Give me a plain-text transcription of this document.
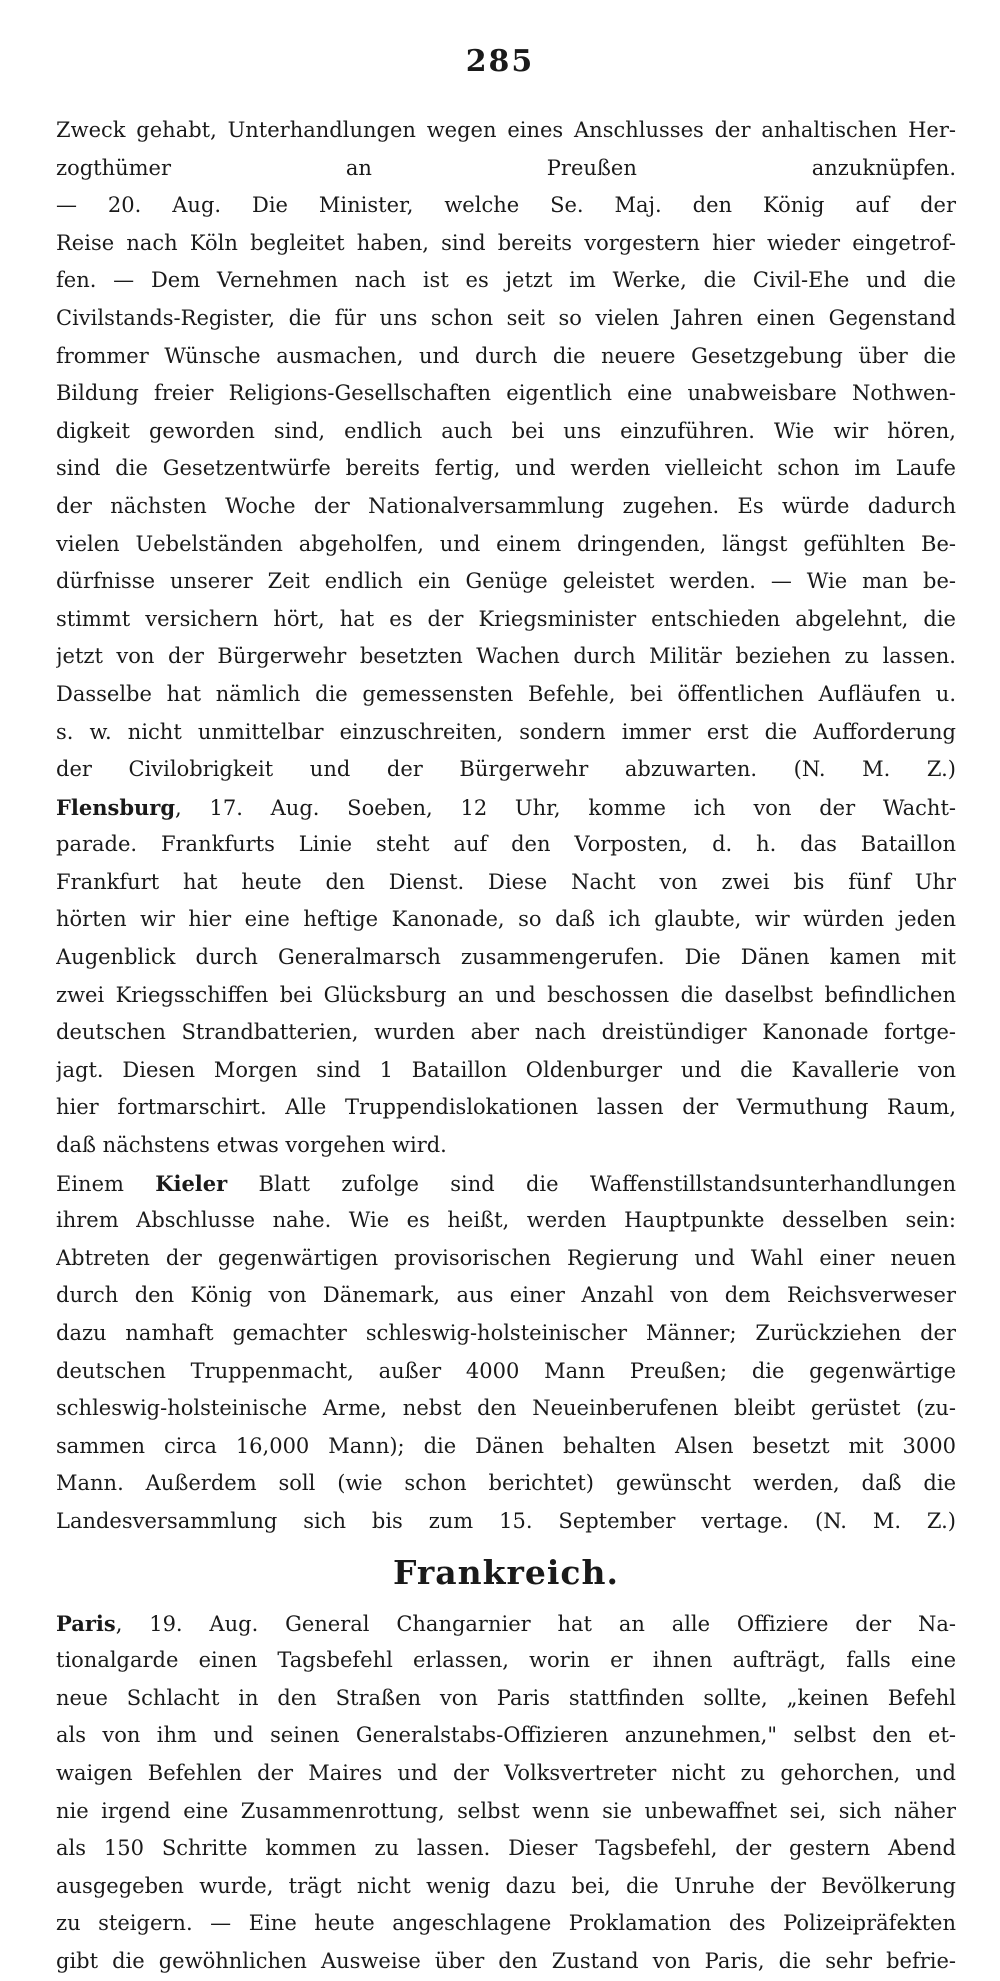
285
Zweck gehabt, Unterhandlungen wegen eines Anschlusses der anhaltischen Her-
zogthümer an Preußen anzuknüpfen.
— 20. Aug. Die Minister, welche Se. Maj. den König auf der
Reise nach Köln begleitet haben, sind bereits vorgestern hier wieder eingetrof-
fen. — Dem Vernehmen nach ist es jetzt im Werke, die Civil-Ehe und die
Civilstands-Register, die für uns schon seit so vielen Jahren einen Gegenstand
frommer Wünsche ausmachen, und durch die neuere Gesetzgebung über die
Bildung freier Religions-Gesellschaften eigentlich eine unabweisbare Nothwen-
digkeit geworden sind, endlich auch bei uns einzuführen. Wie wir hören,
sind die Gesetzentwürfe bereits fertig, und werden vielleicht schon im Laufe
der nächsten Woche der Nationalversammlung zugehen. Es würde dadurch
vielen Uebelständen abgeholfen, und einem dringenden, längst gefühlten Be-
dürfnisse unserer Zeit endlich ein Genüge geleistet werden. — Wie man be-
stimmt versichern hört, hat es der Kriegsminister entschieden abgelehnt, die
jetzt von der Bürgerwehr besetzten Wachen durch Militär beziehen zu lassen.
Dasselbe hat nämlich die gemessensten Befehle, bei öffentlichen Aufläufen u.
s. w. nicht unmittelbar einzuschreiten, sondern immer erst die Aufforderung
der Civilobrigkeit und der Bürgerwehr abzuwarten. (N. M. Z.)
Flensburg, 17. Aug. Soeben, 12 Uhr, komme ich von der Wacht-
parade. Frankfurts Linie steht auf den Vorposten, d. h. das Bataillon
Frankfurt hat heute den Dienst. Diese Nacht von zwei bis fünf Uhr
hörten wir hier eine heftige Kanonade, so daß ich glaubte, wir würden jeden
Augenblick durch Generalmarsch zusammengerufen. Die Dänen kamen mit
zwei Kriegsschiffen bei Glücksburg an und beschossen die daselbst befindlichen
deutschen Strandbatterien, wurden aber nach dreistündiger Kanonade fortge-
jagt. Diesen Morgen sind 1 Bataillon Oldenburger und die Kavallerie von
hier fortmarschirt. Alle Truppendislokationen lassen der Vermuthung Raum,
daß nächstens etwas vorgehen wird.
Einem Kieler Blatt zufolge sind die Waffenstillstandsunterhandlungen
ihrem Abschlusse nahe. Wie es heißt, werden Hauptpunkte desselben sein:
Abtreten der gegenwärtigen provisorischen Regierung und Wahl einer neuen
durch den König von Dänemark, aus einer Anzahl von dem Reichsverweser
dazu namhaft gemachter schleswig-holsteinischer Männer; Zurückziehen der
deutschen Truppenmacht, außer 4000 Mann Preußen; die gegenwärtige
schleswig-holsteinische Arme, nebst den Neueinberufenen bleibt gerüstet (zu-
sammen circa 16,000 Mann); die Dänen behalten Alsen besetzt mit 3000
Mann. Außerdem soll (wie schon berichtet) gewünscht werden, daß die
Landesversammlung sich bis zum 15. September vertage. (N. M. Z.)
Frankreich.
Paris, 19. Aug. General Changarnier hat an alle Offiziere der Na-
tionalgarde einen Tagsbefehl erlassen, worin er ihnen aufträgt, falls eine
neue Schlacht in den Straßen von Paris stattfinden sollte, „keinen Befehl
als von ihm und seinen Generalstabs-Offizieren anzunehmen," selbst den et-
waigen Befehlen der Maires und der Volksvertreter nicht zu gehorchen, und
nie irgend eine Zusammenrottung, selbst wenn sie unbewaffnet sei, sich näher
als 150 Schritte kommen zu lassen. Dieser Tagsbefehl, der gestern Abend
ausgegeben wurde, trägt nicht wenig dazu bei, die Unruhe der Bevölkerung
zu steigern. — Eine heute angeschlagene Proklamation des Polizeipräfekten
gibt die gewöhnlichen Ausweise über den Zustand von Paris, die sehr befrie-
